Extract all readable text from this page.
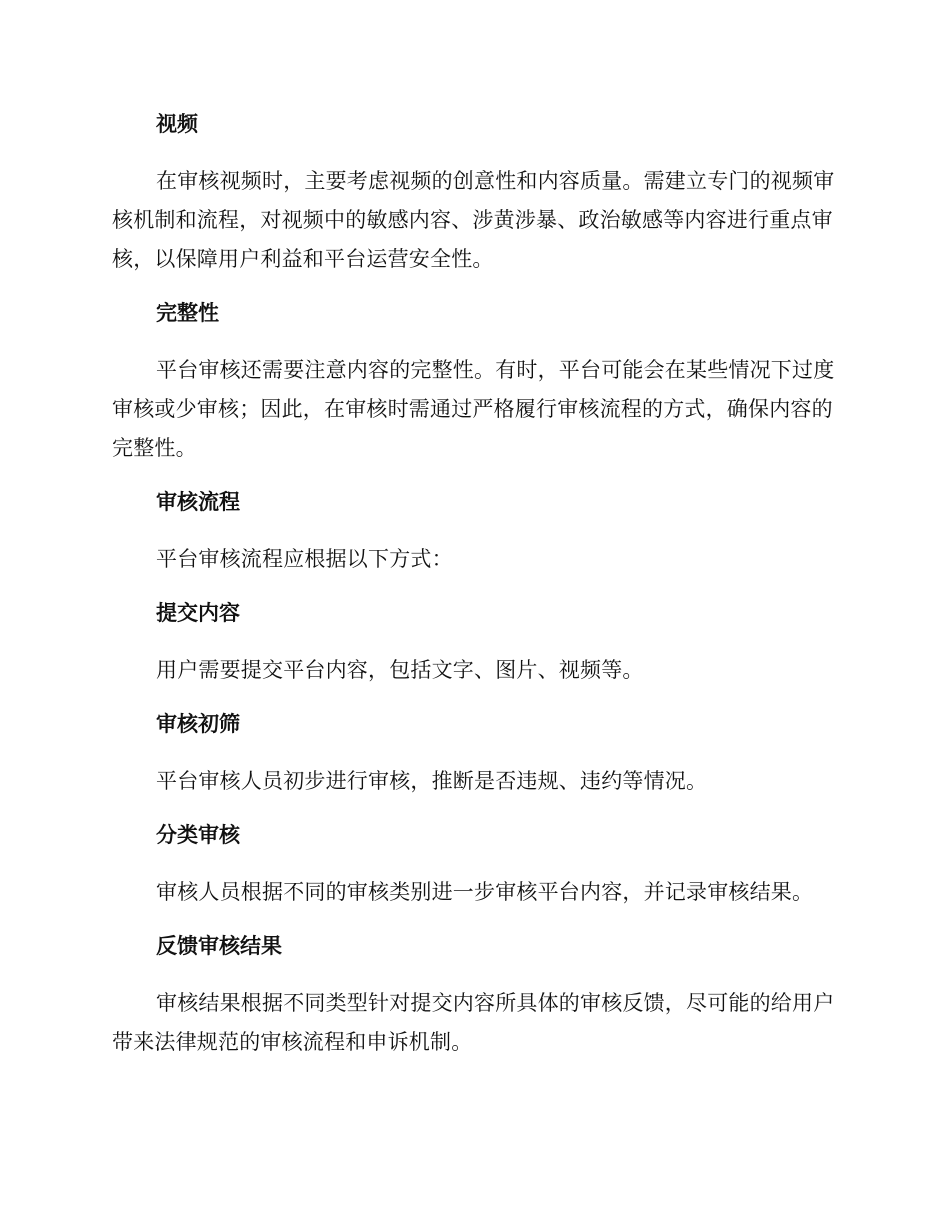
视频
在审核视频时，主要考虑视频的创意性和内容质量。需建立专门的视频审核机制和流程，对视频中的敏感内容、涉黄涉暴、政治敏感等内容进行重点审核，以保障用户利益和平台运营安全性。
完整性
平台审核还需要注意内容的完整性。有时，平台可能会在某些情况下过度审核或少审核；因此，在审核时需通过严格履行审核流程的方式，确保内容的完整性。
审核流程
平台审核流程应根据以下方式：
提交内容
用户需要提交平台内容，包括文字、图片、视频等。
审核初筛
平台审核人员初步进行审核，推断是否违规、违约等情况。
分类审核
审核人员根据不同的审核类别进一步审核平台内容，并记录审核结果。
反馈审核结果
审核结果根据不同类型针对提交内容所具体的审核反馈，尽可能的给用户带来法律规范的审核流程和申诉机制。
